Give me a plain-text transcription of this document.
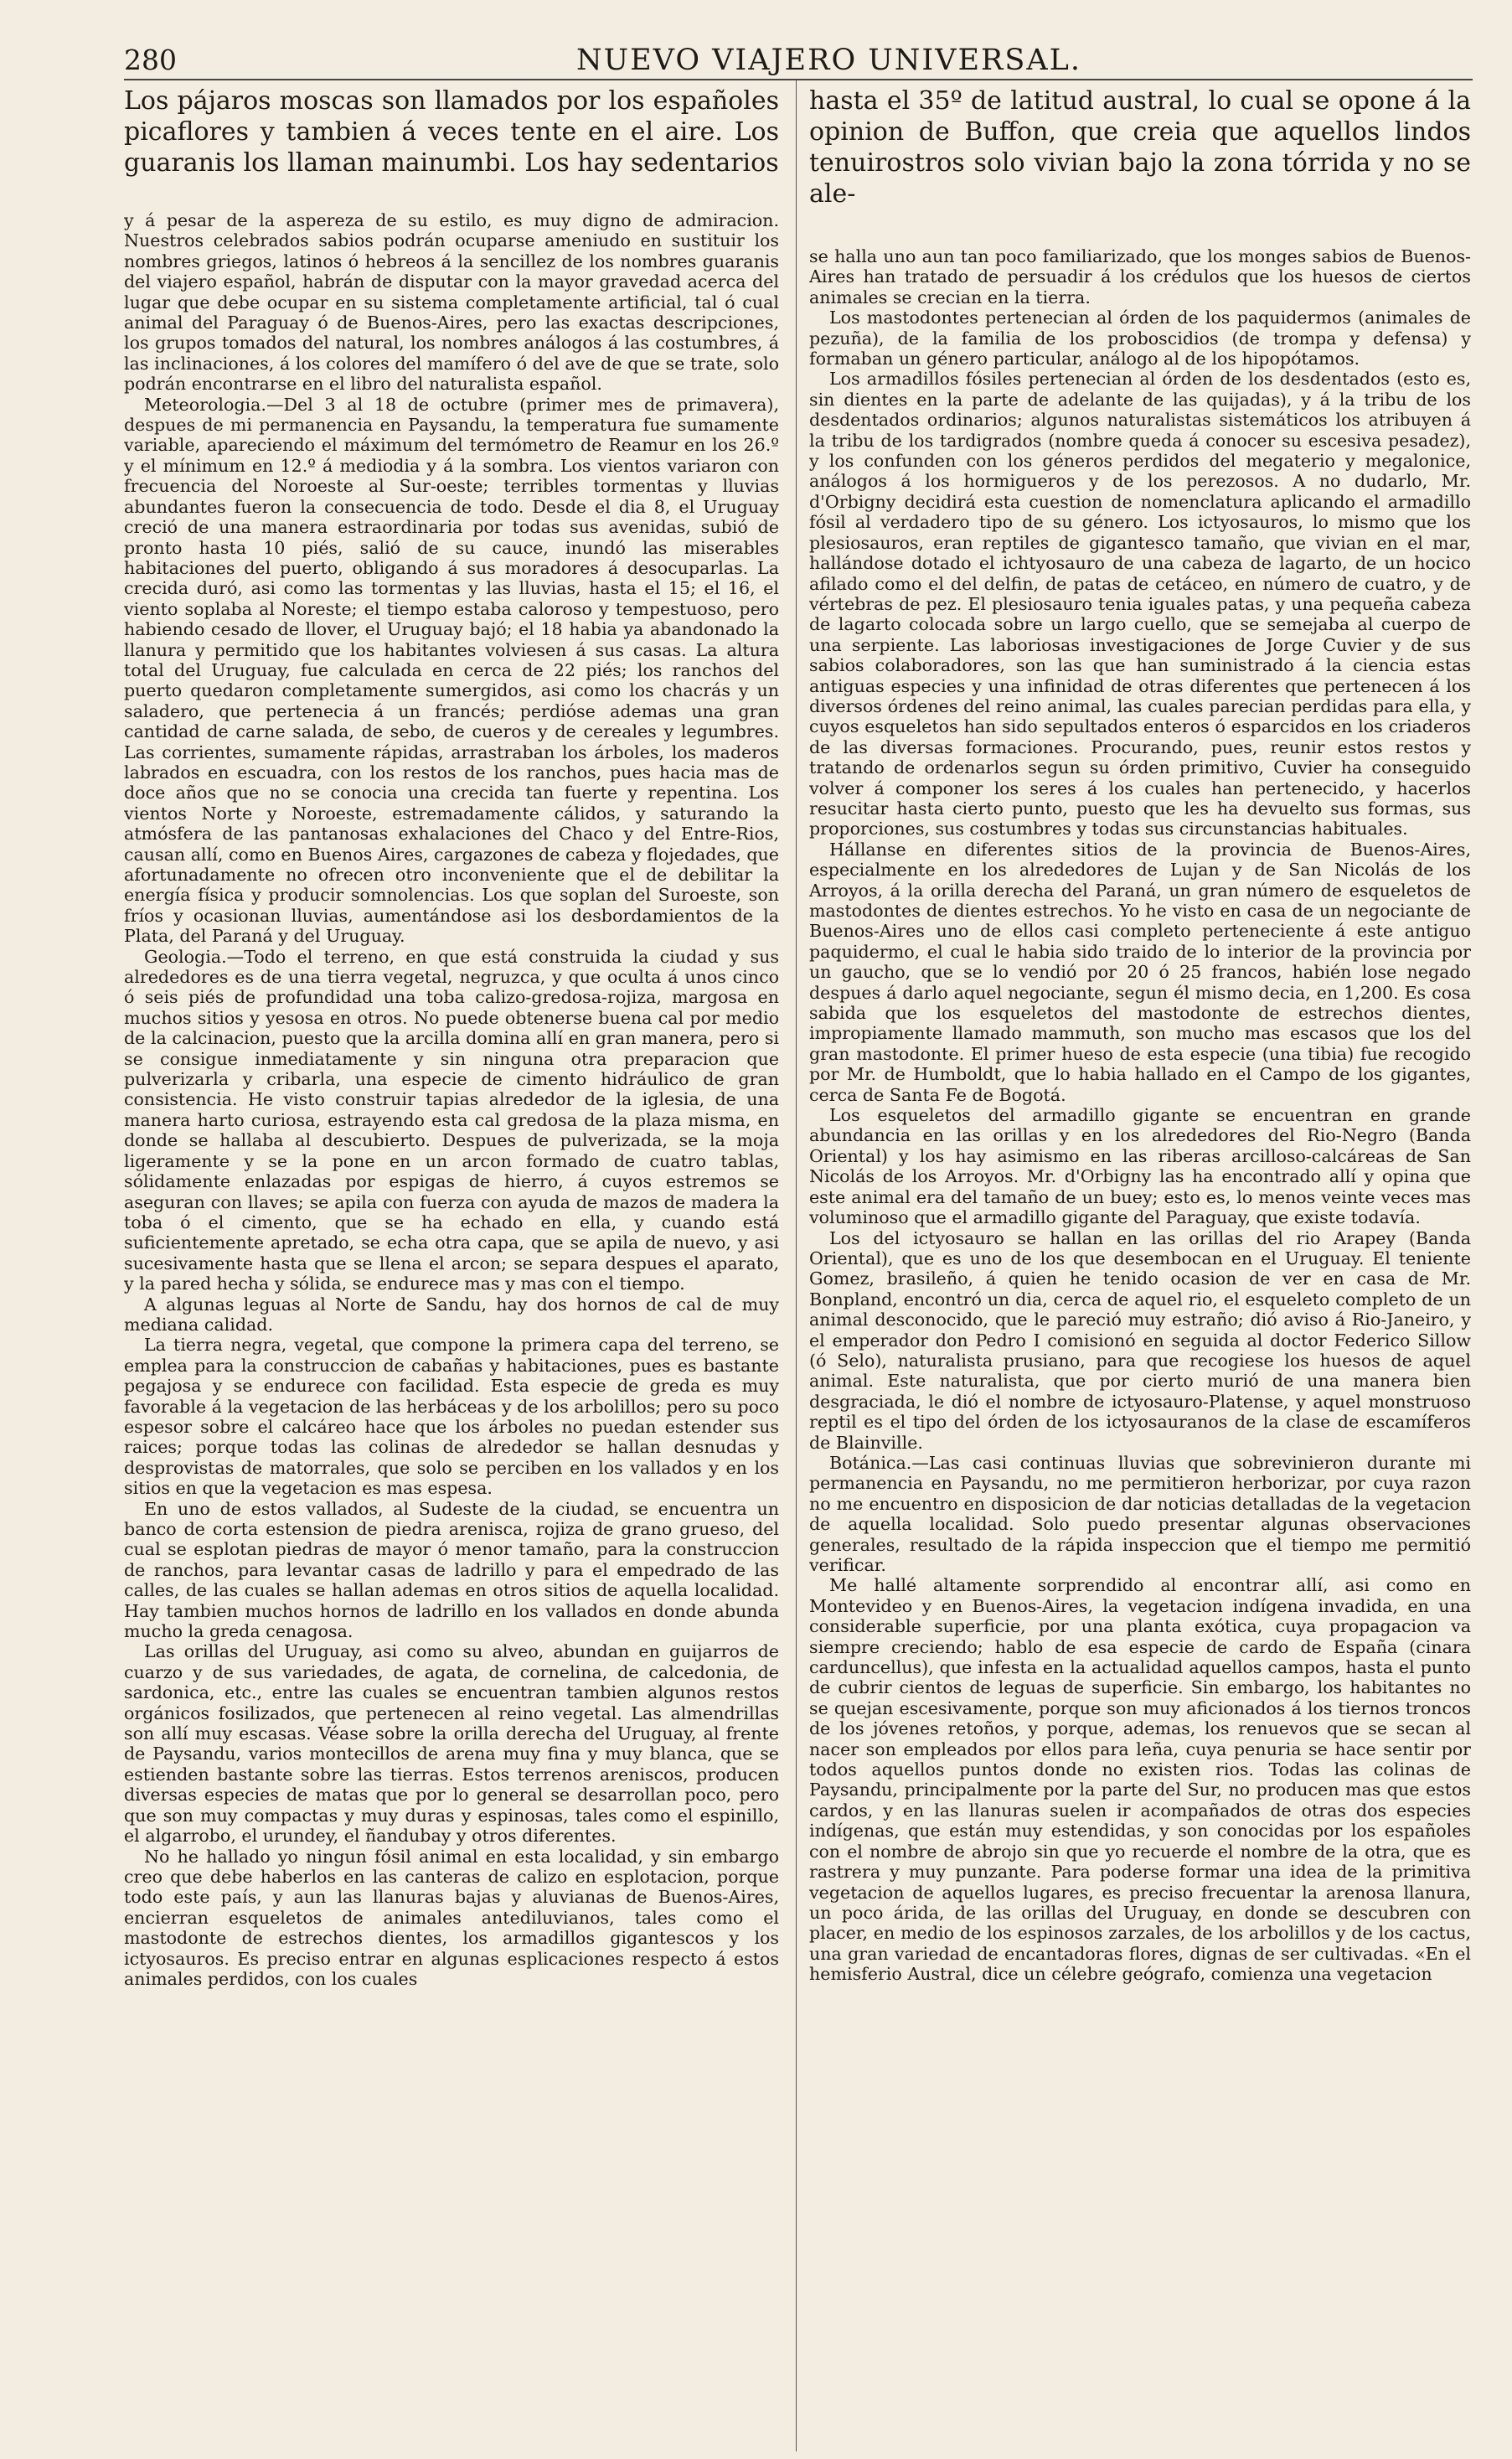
280	NUEVO VIAJERO UNIVERSAL.

Los pájaros moscas son llamados por los españoles picaflores y tambien á veces tente en el aire. Los guaranis los llaman mainumbi. Los hay sedentarios

y á pesar de la aspereza de su estilo, es muy digno de admiracion. Nuestros celebrados sabios podrán ocuparse ameniudo en sustituir los nombres griegos, latinos ó hebreos á la sencillez de los nombres guaranis del viajero español, habrán de disputar con la mayor gravedad acerca del lugar que debe ocupar en su sistema completamente artificial, tal ó cual animal del Paraguay ó de Buenos-Aires, pero las exactas descripciones, los grupos tomados del natural, los nombres análogos á las costumbres, á las inclinaciones, á los colores del mamífero ó del ave de que se trate, solo podrán encontrarse en el libro del naturalista español.

Meteorologia.—Del 3 al 18 de octubre (primer mes de primavera), despues de mi permanencia en Paysandu, la temperatura fue sumamente variable, apareciendo el máximum del termómetro de Reamur en los 26.º y el mínimum en 12.º á mediodia y á la sombra. Los vientos variaron con frecuencia del Noroeste al Sur-oeste; terribles tormentas y lluvias abundantes fueron la consecuencia de todo. Desde el dia 8, el Uruguay creció de una manera estraordinaria por todas sus avenidas, subió de pronto hasta 10 piés, salió de su cauce, inundó las miserables habitaciones del puerto, obligando á sus moradores á desocuparlas. La crecida duró, asi como las tormentas y las lluvias, hasta el 15; el 16, el viento soplaba al Noreste; el tiempo estaba caloroso y tempestuoso, pero habiendo cesado de llover, el Uruguay bajó; el 18 habia ya abandonado la llanura y permitido que los habitantes volviesen á sus casas. La altura total del Uruguay, fue calculada en cerca de 22 piés; los ranchos del puerto quedaron completamente sumergidos, asi como los chacrás y un saladero, que pertenecia á un francés; perdióse ademas una gran cantidad de carne salada, de sebo, de cueros y de cereales y legumbres. Las corrientes, sumamente rápidas, arrastraban los árboles, los maderos labrados en escuadra, con los restos de los ranchos, pues hacia mas de doce años que no se conocia una crecida tan fuerte y repentina. Los vientos Norte y Noroeste, estremadamente cálidos, y saturando la atmósfera de las pantanosas exhalaciones del Chaco y del Entre-Rios, causan allí, como en Buenos Aires, cargazones de cabeza y flojedades, que afortunadamente no ofrecen otro inconveniente que el de debilitar la energía física y producir somnolencias. Los que soplan del Suroeste, son fríos y ocasionan lluvias, aumentándose asi los desbordamientos de la Plata, del Paraná y del Uruguay.

Geologia.—Todo el terreno, en que está construida la ciudad y sus alrededores es de una tierra vegetal, negruzca, y que oculta á unos cinco ó seis piés de profundidad una toba calizo-gredosa-rojiza, margosa en muchos sitios y yesosa en otros. No puede obtenerse buena cal por medio de la calcinacion, puesto que la arcilla domina allí en gran manera, pero si se consigue inmediatamente y sin ninguna otra preparacion que pulverizarla y cribarla, una especie de cimento hidráulico de gran consistencia. He visto construir tapias alrededor de la iglesia, de una manera harto curiosa, estrayendo esta cal gredosa de la plaza misma, en donde se hallaba al descubierto. Despues de pulverizada, se la moja ligeramente y se la pone en un arcon formado de cuatro tablas, sólidamente enlazadas por espigas de hierro, á cuyos estremos se aseguran con llaves; se apila con fuerza con ayuda de mazos de madera la toba ó el cimento, que se ha echado en ella, y cuando está suficientemente apretado, se echa otra capa, que se apila de nuevo, y asi sucesivamente hasta que se llena el arcon; se separa despues el aparato, y la pared hecha y sólida, se endurece mas y mas con el tiempo.

A algunas leguas al Norte de Sandu, hay dos hornos de cal de muy mediana calidad.

La tierra negra, vegetal, que compone la primera capa del terreno, se emplea para la construccion de cabañas y habitaciones, pues es bastante pegajosa y se endurece con facilidad. Esta especie de greda es muy favorable á la vegetacion de las herbáceas y de los arbolillos; pero su poco espesor sobre el calcáreo hace que los árboles no puedan estender sus raices; porque todas las colinas de alrededor se hallan desnudas y desprovistas de matorrales, que solo se perciben en los vallados y en los sitios en que la vegetacion es mas espesa.

En uno de estos vallados, al Sudeste de la ciudad, se encuentra un banco de corta estension de piedra arenisca, rojiza de grano grueso, del cual se esplotan piedras de mayor ó menor tamaño, para la construccion de ranchos, para levantar casas de ladrillo y para el empedrado de las calles, de las cuales se hallan ademas en otros sitios de aquella localidad. Hay tambien muchos hornos de ladrillo en los vallados en donde abunda mucho la greda cenagosa.

Las orillas del Uruguay, asi como su alveo, abundan en guijarros de cuarzo y de sus variedades, de agata, de cornelina, de calcedonia, de sardonica, etc., entre las cuales se encuentran tambien algunos restos orgánicos fosilizados, que pertenecen al reino vegetal. Las almendrillas son allí muy escasas. Véase sobre la orilla derecha del Uruguay, al frente de Paysandu, varios montecillos de arena muy fina y muy blanca, que se estienden bastante sobre las tierras. Estos terrenos areniscos, producen diversas especies de matas que por lo general se desarrollan poco, pero que son muy compactas y muy duras y espinosas, tales como el espinillo, el algarrobo, el urundey, el ñandubay y otros diferentes.

No he hallado yo ningun fósil animal en esta localidad, y sin embargo creo que debe haberlos en las canteras de calizo en esplotacion, porque todo este país, y aun las llanuras bajas y aluvianas de Buenos-Aires, encierran esqueletos de animales antediluvianos, tales como el mastodonte de estrechos dientes, los armadillos gigantescos y los ictyosauros. Es preciso entrar en algunas esplicaciones respecto á estos animales perdidos, con los cuales

hasta el 35º de latitud austral, lo cual se opone á la opinion de Buffon, que creia que aquellos lindos tenuirostros solo vivian bajo la zona tórrida y no se ale-

se halla uno aun tan poco familiarizado, que los monges sabios de Buenos-Aires han tratado de persuadir á los crédulos que los huesos de ciertos animales se crecian en la tierra.

Los mastodontes pertenecian al órden de los paquidermos (animales de pezuña), de la familia de los proboscidios (de trompa y defensa) y formaban un género particular, análogo al de los hipopótamos.

Los armadillos fósiles pertenecian al órden de los desdentados (esto es, sin dientes en la parte de adelante de las quijadas), y á la tribu de los desdentados ordinarios; algunos naturalistas sistemáticos los atribuyen á la tribu de los tardigrados (nombre queda á conocer su escesiva pesadez), y los confunden con los géneros perdidos del megaterio y megalonice, análogos á los hormigueros y de los perezosos. A no dudarlo, Mr. d'Orbigny decidirá esta cuestion de nomenclatura aplicando el armadillo fósil al verdadero tipo de su género. Los ictyosauros, lo mismo que los plesiosauros, eran reptiles de gigantesco tamaño, que vivian en el mar, hallándose dotado el ichtyosauro de una cabeza de lagarto, de un hocico afilado como el del delfin, de patas de cetáceo, en número de cuatro, y de vértebras de pez. El plesiosauro tenia iguales patas, y una pequeña cabeza de lagarto colocada sobre un largo cuello, que se semejaba al cuerpo de una serpiente. Las laboriosas investigaciones de Jorge Cuvier y de sus sabios colaboradores, son las que han suministrado á la ciencia estas antiguas especies y una infinidad de otras diferentes que pertenecen á los diversos órdenes del reino animal, las cuales parecian perdidas para ella, y cuyos esqueletos han sido sepultados enteros ó esparcidos en los criaderos de las diversas formaciones. Procurando, pues, reunir estos restos y tratando de ordenarlos segun su órden primitivo, Cuvier ha conseguido volver á componer los seres á los cuales han pertenecido, y hacerlos resucitar hasta cierto punto, puesto que les ha devuelto sus formas, sus proporciones, sus costumbres y todas sus circunstancias habituales.

Hállanse en diferentes sitios de la provincia de Buenos-Aires, especialmente en los alrededores de Lujan y de San Nicolás de los Arroyos, á la orilla derecha del Paraná, un gran número de esqueletos de mastodontes de dientes estrechos. Yo he visto en casa de un negociante de Buenos-Aires uno de ellos casi completo perteneciente á este antiguo paquidermo, el cual le habia sido traido de lo interior de la provincia por un gaucho, que se lo vendió por 20 ó 25 francos, habién lose negado despues á darlo aquel negociante, segun él mismo decia, en 1,200. Es cosa sabida que los esqueletos del mastodonte de estrechos dientes, impropiamente llamado mammuth, son mucho mas escasos que los del gran mastodonte. El primer hueso de esta especie (una tibia) fue recogido por Mr. de Humboldt, que lo habia hallado en el Campo de los gigantes, cerca de Santa Fe de Bogotá.

Los esqueletos del armadillo gigante se encuentran en grande abundancia en las orillas y en los alrededores del Rio-Negro (Banda Oriental) y los hay asimismo en las riberas arcilloso-calcáreas de San Nicolás de los Arroyos. Mr. d'Orbigny las ha encontrado allí y opina que este animal era del tamaño de un buey; esto es, lo menos veinte veces mas voluminoso que el armadillo gigante del Paraguay, que existe todavía.

Los del ictyosauro se hallan en las orillas del rio Arapey (Banda Oriental), que es uno de los que desembocan en el Uruguay. El teniente Gomez, brasileño, á quien he tenido ocasion de ver en casa de Mr. Bonpland, encontró un dia, cerca de aquel rio, el esqueleto completo de un animal desconocido, que le pareció muy estraño; dió aviso á Rio-Janeiro, y el emperador don Pedro I comisionó en seguida al doctor Federico Sillow (ó Selo), naturalista prusiano, para que recogiese los huesos de aquel animal. Este naturalista, que por cierto murió de una manera bien desgraciada, le dió el nombre de ictyosauro-Platense, y aquel monstruoso reptil es el tipo del órden de los ictyosauranos de la clase de escamíferos de Blainville.

Botánica.—Las casi continuas lluvias que sobrevinieron durante mi permanencia en Paysandu, no me permitieron herborizar, por cuya razon no me encuentro en disposicion de dar noticias detalladas de la vegetacion de aquella localidad. Solo puedo presentar algunas observaciones generales, resultado de la rápida inspeccion que el tiempo me permitió verificar.

Me hallé altamente sorprendido al encontrar allí, asi como en Montevideo y en Buenos-Aires, la vegetacion indígena invadida, en una considerable superficie, por una planta exótica, cuya propagacion va siempre creciendo; hablo de esa especie de cardo de España (cinara carduncellus), que infesta en la actualidad aquellos campos, hasta el punto de cubrir cientos de leguas de superficie. Sin embargo, los habitantes no se quejan escesivamente, porque son muy aficionados á los tiernos troncos de los jóvenes retoños, y porque, ademas, los renuevos que se secan al nacer son empleados por ellos para leña, cuya penuria se hace sentir por todos aquellos puntos donde no existen rios. Todas las colinas de Paysandu, principalmente por la parte del Sur, no producen mas que estos cardos, y en las llanuras suelen ir acompañados de otras dos especies indígenas, que están muy estendidas, y son conocidas por los españoles con el nombre de abrojo sin que yo recuerde el nombre de la otra, que es rastrera y muy punzante. Para poderse formar una idea de la primitiva vegetacion de aquellos lugares, es preciso frecuentar la arenosa llanura, un poco árida, de las orillas del Uruguay, en donde se descubren con placer, en medio de los espinosos zarzales, de los arbolillos y de los cactus, una gran variedad de encantadoras flores, dignas de ser cultivadas. «En el hemisferio Austral, dice un célebre geógrafo, comienza una vegetacion
